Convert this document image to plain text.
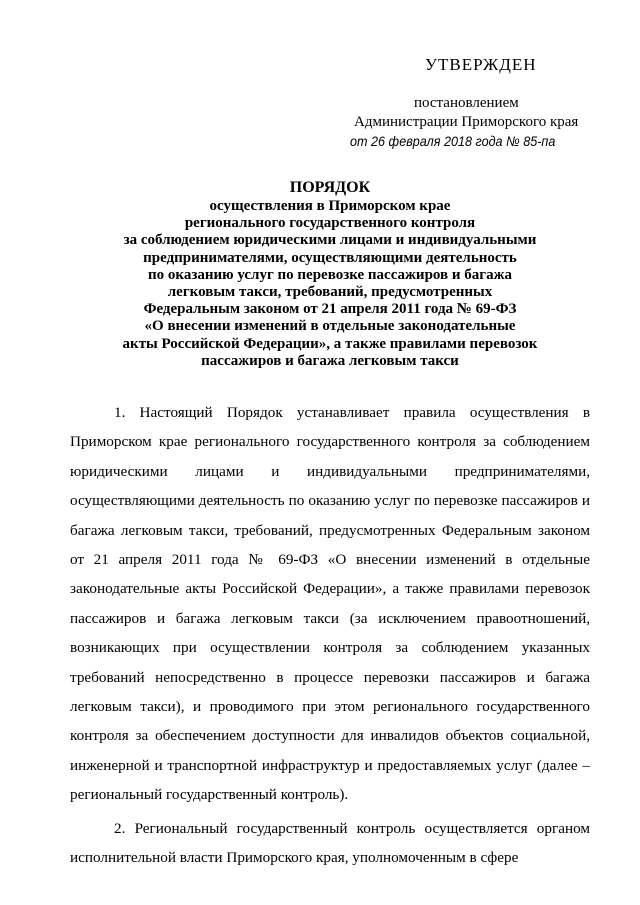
УТВЕРЖДЕН
постановлением
Администрации Приморского края
от 26 февраля 2018 года № 85-па
ПОРЯДОК
осуществления в Приморском крае
регионального государственного контроля
за соблюдением юридическими лицами и индивидуальными
предпринимателями, осуществляющими деятельность
по оказанию услуг по перевозке пассажиров и багажа
легковым такси, требований, предусмотренных
Федеральным законом от 21 апреля 2011 года № 69-ФЗ
«О внесении изменений в отдельные законодательные
акты Российской Федерации», а также правилами перевозок
пассажиров и багажа легковым такси

1. Настоящий Порядок устанавливает правила осуществления в Приморском крае регионального государственного контроля за соблюдением юридическими лицами и индивидуальными предпринимателями, осуществляющими деятельность по оказанию услуг по перевозке пассажиров и багажа легковым такси, требований, предусмотренных Федеральным законом от 21 апреля 2011 года № 69-ФЗ «О внесении изменений в отдельные законодательные акты Российской Федерации», а также правилами перевозок пассажиров и багажа легковым такси (за исключением правоотношений, возникающих при осуществлении контроля за соблюдением указанных требований непосредственно в процессе перевозки пассажиров и багажа легковым такси), и проводимого при этом регионального государственного контроля за обеспечением доступности для инвалидов объектов социальной, инженерной и транспортной инфраструктур и предоставляемых услуг (далее – региональный государственный контроль).

2. Региональный государственный контроль осуществляется органом исполнительной власти Приморского края, уполномоченным в сфере
